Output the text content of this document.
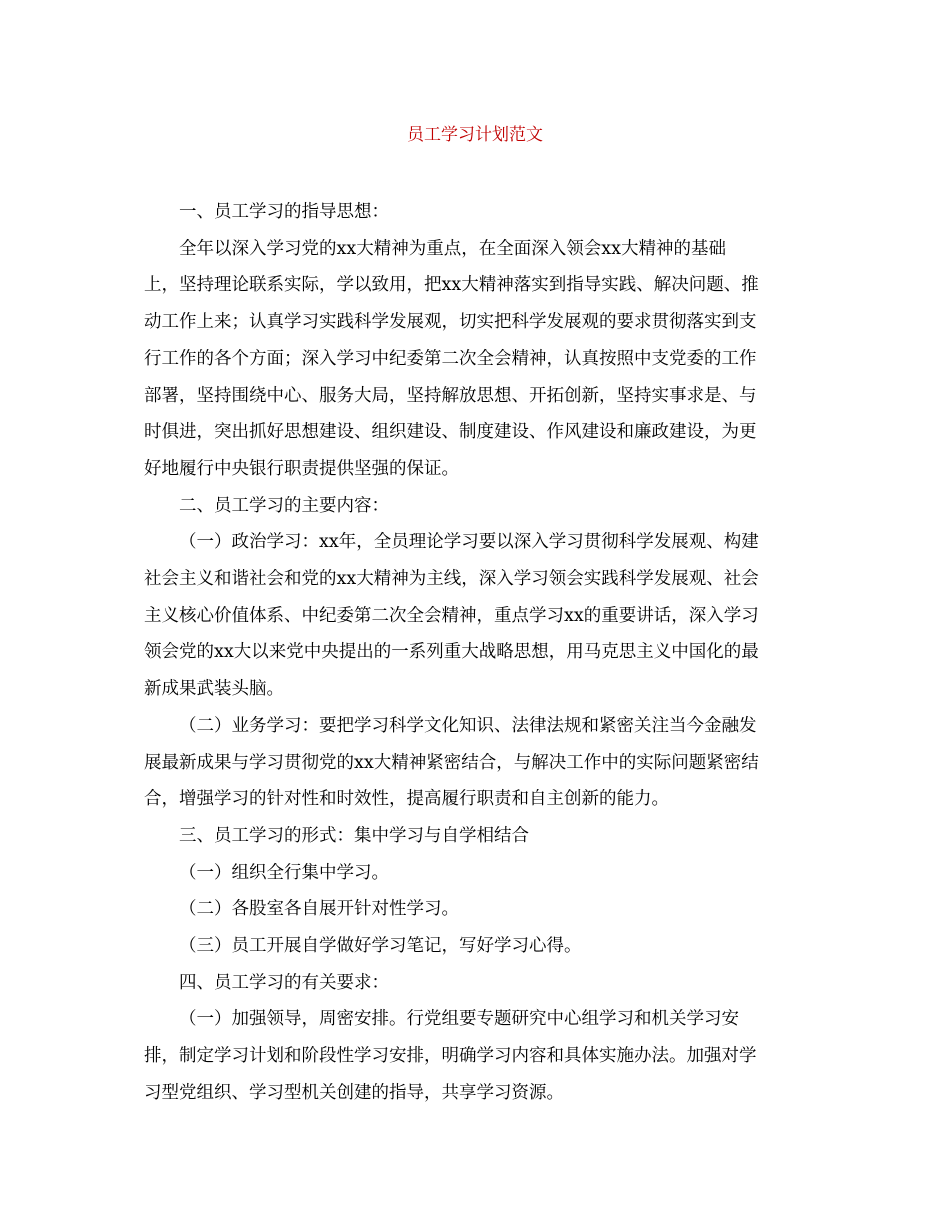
员工学习计划范文
一、员工学习的指导思想：
全年以深入学习党的xx大精神为重点，在全面深入领会xx大精神的基础
上，坚持理论联系实际，学以致用，把xx大精神落实到指导实践、解决问题、推
动工作上来；认真学习实践科学发展观，切实把科学发展观的要求贯彻落实到支
行工作的各个方面；深入学习中纪委第二次全会精神，认真按照中支党委的工作
部署，坚持围绕中心、服务大局，坚持解放思想、开拓创新，坚持实事求是、与
时俱进，突出抓好思想建设、组织建设、制度建设、作风建设和廉政建设，为更
好地履行中央银行职责提供坚强的保证。
二、员工学习的主要内容：
（一）政治学习：xx年，全员理论学习要以深入学习贯彻科学发展观、构建
社会主义和谐社会和党的xx大精神为主线，深入学习领会实践科学发展观、社会
主义核心价值体系、中纪委第二次全会精神，重点学习xx的重要讲话，深入学习
领会党的xx大以来党中央提出的一系列重大战略思想，用马克思主义中国化的最
新成果武装头脑。
（二）业务学习：要把学习科学文化知识、法律法规和紧密关注当今金融发
展最新成果与学习贯彻党的xx大精神紧密结合，与解决工作中的实际问题紧密结
合，增强学习的针对性和时效性，提高履行职责和自主创新的能力。
三、员工学习的形式：集中学习与自学相结合
（一）组织全行集中学习。
（二）各股室各自展开针对性学习。
（三）员工开展自学做好学习笔记，写好学习心得。
四、员工学习的有关要求：
（一）加强领导，周密安排。行党组要专题研究中心组学习和机关学习安
排，制定学习计划和阶段性学习安排，明确学习内容和具体实施办法。加强对学
习型党组织、学习型机关创建的指导，共享学习资源。
